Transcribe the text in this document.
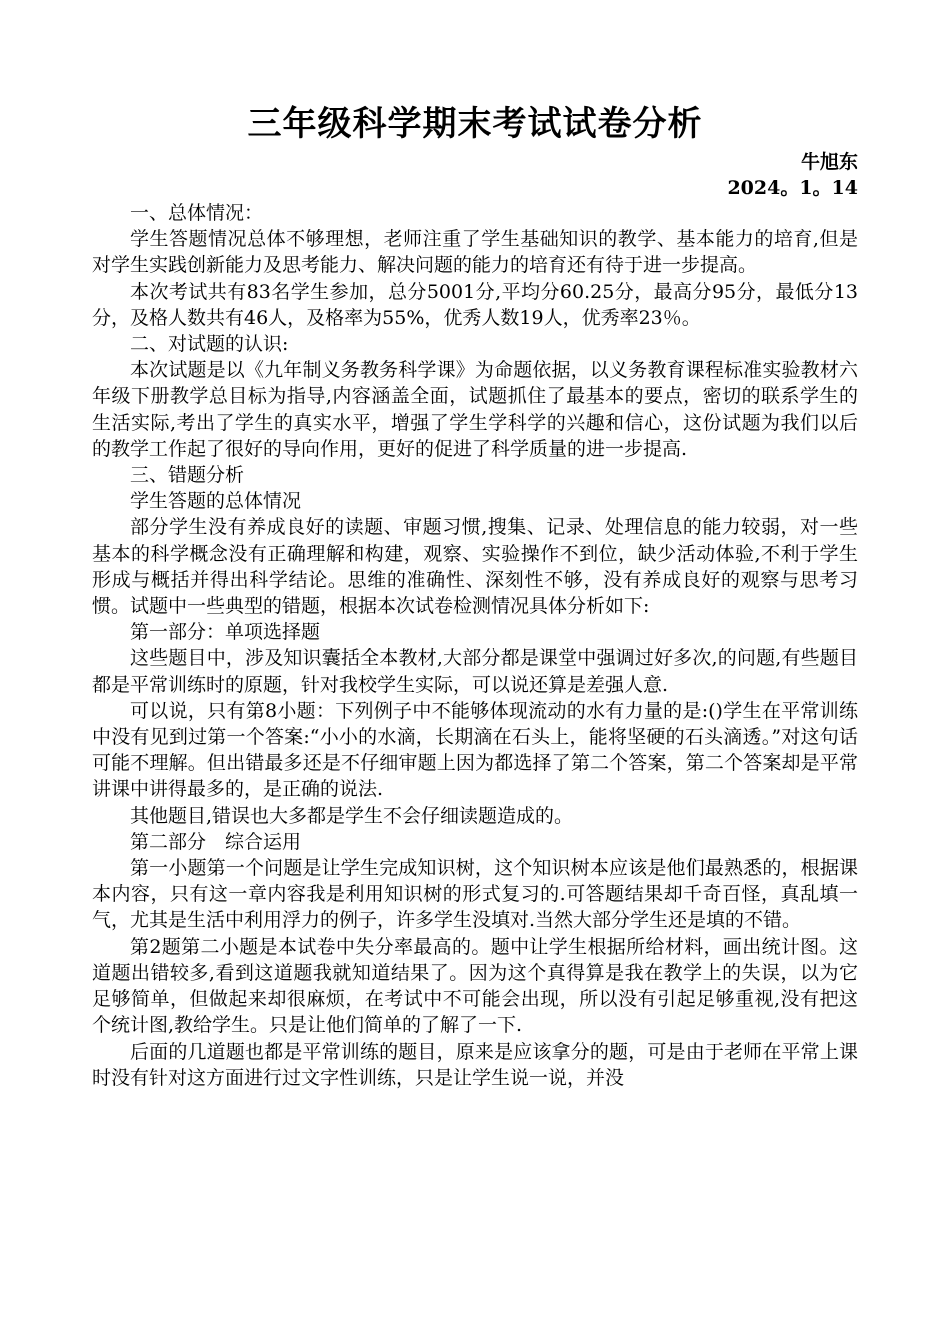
三年级科学期末考试试卷分析
牛旭东
2024。1。14

一、总体情况：

学生答题情况总体不够理想，老师注重了学生基础知识的教学、基本能力的培育,但是对学生实践创新能力及思考能力、解决问题的能力的培育还有待于进一步提高。

本次考试共有83名学生参加，总分5001分,平均分60.25分，最高分95分，最低分13分，及格人数共有46人，及格率为55%，优秀人数19人，优秀率23％。

二、对试题的认识:

本次试题是以《九年制义务教务科学课》为命题依据，以义务教育课程标准实验教材六年级下册教学总目标为指导,内容涵盖全面，试题抓住了最基本的要点，密切的联系学生的生活实际,考出了学生的真实水平，增强了学生学科学的兴趣和信心，这份试题为我们以后的教学工作起了很好的导向作用，更好的促进了科学质量的进一步提高.

三、错题分析

学生答题的总体情况

部分学生没有养成良好的读题、审题习惯,搜集、记录、处理信息的能力较弱，对一些基本的科学概念没有正确理解和构建，观察、实验操作不到位，缺少活动体验,不利于学生形成与概括并得出科学结论。思维的准确性、深刻性不够，没有养成良好的观察与思考习惯。试题中一些典型的错题，根据本次试卷检测情况具体分析如下:

第一部分：单项选择题

这些题目中，涉及知识囊括全本教材,大部分都是课堂中强调过好多次,的问题,有些题目都是平常训练时的原题，针对我校学生实际，可以说还算是差强人意.

可以说，只有第8小题：下列例子中不能够体现流动的水有力量的是:()学生在平常训练中没有见到过第一个答案:“小小的水滴，长期滴在石头上，能将坚硬的石头滴透。”对这句话可能不理解。但出错最多还是不仔细审题上因为都选择了第二个答案，第二个答案却是平常讲课中讲得最多的，是正确的说法.

其他题目,错误也大多都是学生不会仔细读题造成的。

第二部分　综合运用

第一小题第一个问题是让学生完成知识树，这个知识树本应该是他们最熟悉的，根据课本内容，只有这一章内容我是利用知识树的形式复习的.可答题结果却千奇百怪，真乱填一气，尤其是生活中利用浮力的例子，许多学生没填对.当然大部分学生还是填的不错。

第2题第二小题是本试卷中失分率最高的。题中让学生根据所给材料，画出统计图。这道题出错较多,看到这道题我就知道结果了。因为这个真得算是我在教学上的失误，以为它足够简单，但做起来却很麻烦，在考试中不可能会出现，所以没有引起足够重视,没有把这个统计图,教给学生。只是让他们简单的了解了一下.

后面的几道题也都是平常训练的题目，原来是应该拿分的题，可是由于老师在平常上课时没有针对这方面进行过文字性训练，只是让学生说一说，并没
